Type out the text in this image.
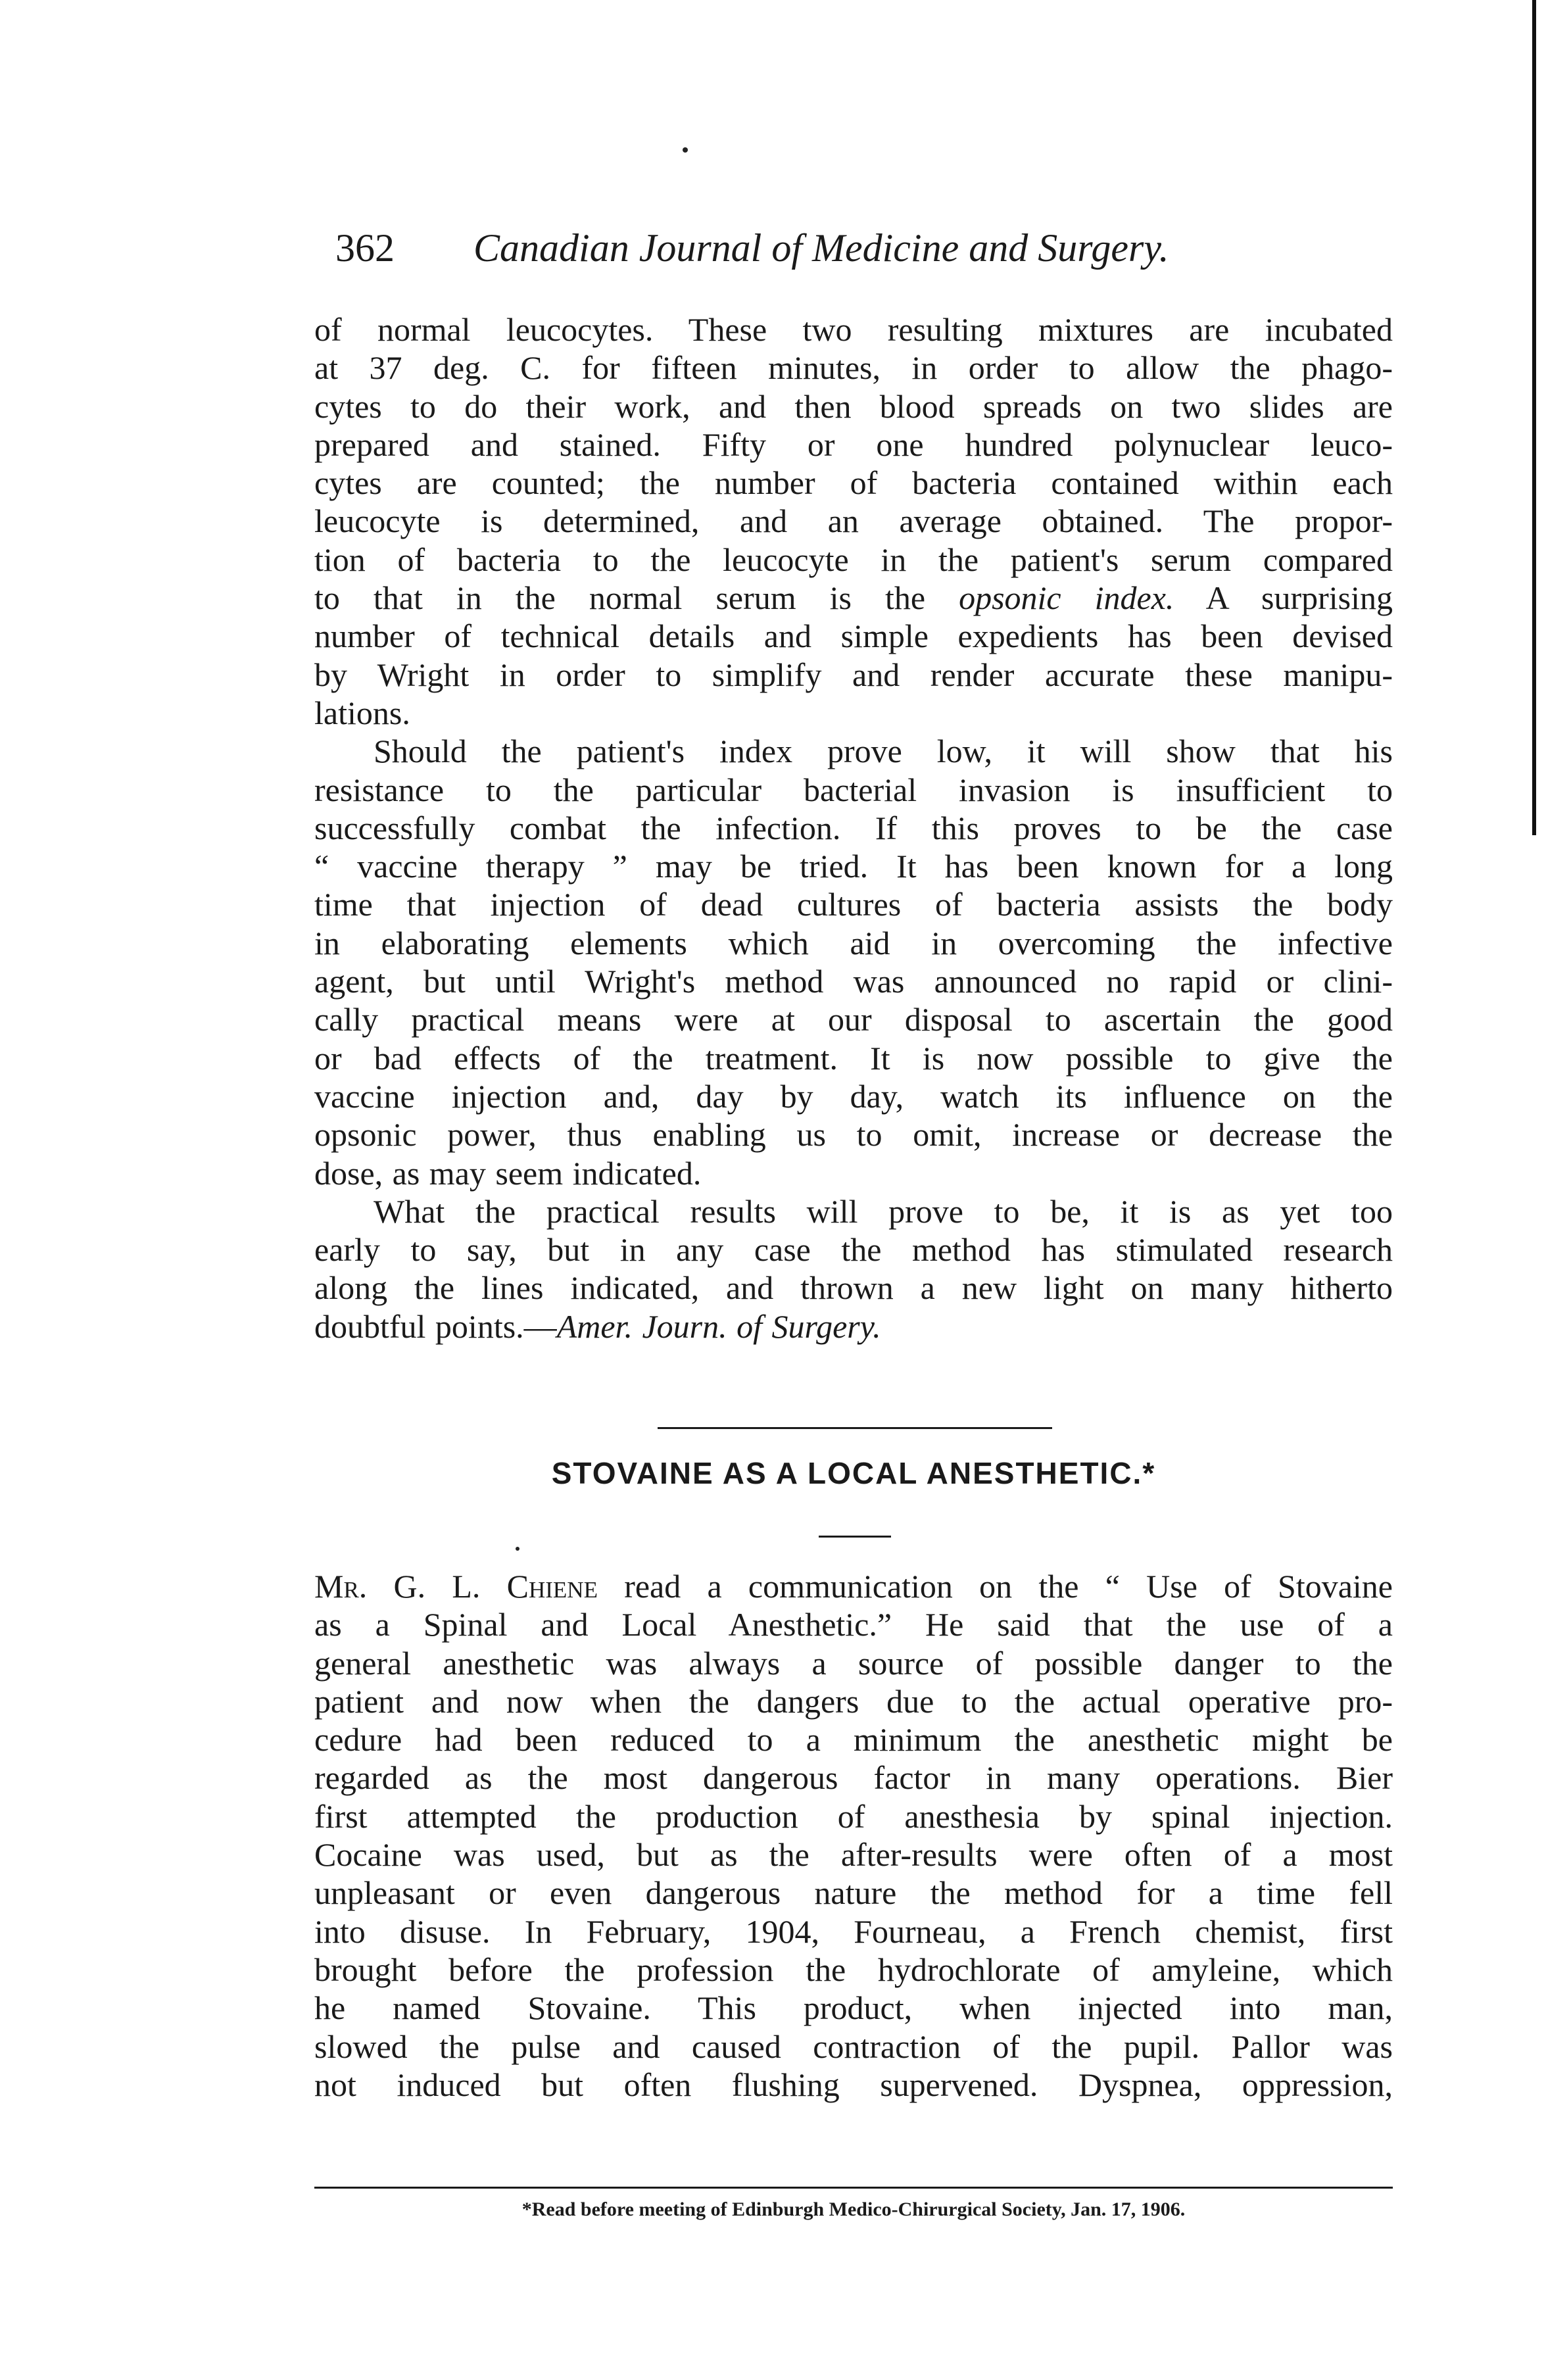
362 Canadian Journal of Medicine and Surgery.

of normal leucocytes. These two resulting mixtures are incubated
at 37 deg. C. for fifteen minutes, in order to allow the phago-
cytes to do their work, and then blood spreads on two slides are
prepared and stained. Fifty or one hundred polynuclear leuco-
cytes are counted; the number of bacteria contained within each
leucocyte is determined, and an average obtained. The propor-
tion of bacteria to the leucocyte in the patient's serum compared
to that in the normal serum is the opsonic index. A surprising
number of technical details and simple expedients has been devised
by Wright in order to simplify and render accurate these manipu-
lations.

Should the patient's index prove low, it will show that his
resistance to the particular bacterial invasion is insufficient to
successfully combat the infection. If this proves to be the case
“ vaccine therapy ” may be tried. It has been known for a long
time that injection of dead cultures of bacteria assists the body
in elaborating elements which aid in overcoming the infective
agent, but until Wright's method was announced no rapid or clini-
cally practical means were at our disposal to ascertain the good
or bad effects of the treatment. It is now possible to give the
vaccine injection and, day by day, watch its influence on the
opsonic power, thus enabling us to omit, increase or decrease the
dose, as may seem indicated.

What the practical results will prove to be, it is as yet too
early to say, but in any case the method has stimulated research
along the lines indicated, and thrown a new light on many hitherto
doubtful points.—Amer. Journ. of Surgery.

STOVAINE AS A LOCAL ANESTHETIC.*

Mr. G. L. Chiene read a communication on the “ Use of Stovaine
as a Spinal and Local Anesthetic.” He said that the use of a
general anesthetic was always a source of possible danger to the
patient and now when the dangers due to the actual operative pro-
cedure had been reduced to a minimum the anesthetic might be
regarded as the most dangerous factor in many operations. Bier
first attempted the production of anesthesia by spinal injection.
Cocaine was used, but as the after-results were often of a most
unpleasant or even dangerous nature the method for a time fell
into disuse. In February, 1904, Fourneau, a French chemist, first
brought before the profession the hydrochlorate of amyleine, which
he named Stovaine. This product, when injected into man,
slowed the pulse and caused contraction of the pupil. Pallor was
not induced but often flushing supervened. Dyspnea, oppression,

*Read before meeting of Edinburgh Medico-Chirurgical Society, Jan. 17, 1906.
